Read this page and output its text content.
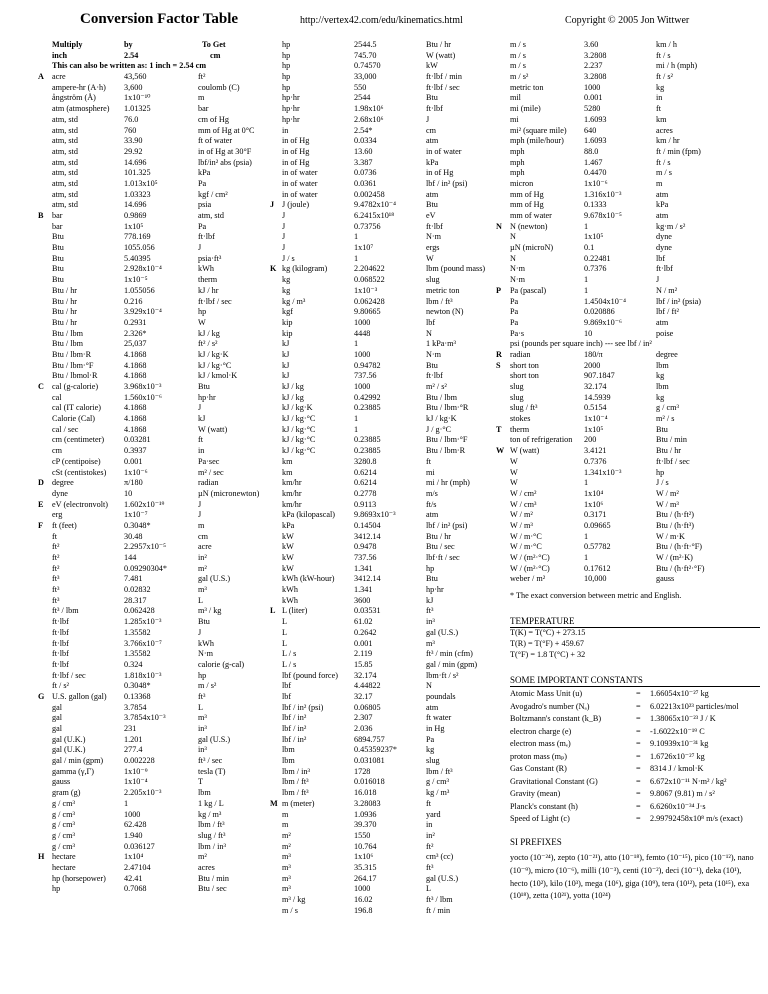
Conversion Factor Table	http://vertex42.com/edu/kinematics.html	Copyright © 2005 Jon Wittwer
Multiply	by	To Get
inch	2.54	cm
This can also be written as: 1 inch = 2.54 cm
A acre	43,560	ft²
ampere-hr (A·h) 3,600	coulomb (C)
ångström (Å)	1x10⁻¹⁰	m
atm (atmosphere) 1.01325	bar
atm, std	76.0	cm of Hg
atm, std	760	mm of Hg at 0°C
atm, std	33.90	ft of water
atm, std	29.92	in of Hg at 30°F
atm, std	14.696	lbf/in² abs (psia)
atm, std	101.325	kPa
atm, std	1.013x10⁵	Pa
atm, std	1.03323	kgf / cm²
atm, std	14.696	psia
B bar	0.9869	atm, std
bar	1x10⁵	Pa
Btu	778.169	ft·lbf
Btu	1055.056	J
Btu	5.40395	psia·ft³
Btu	2.928x10⁻⁴	kWh
Btu	1x10⁻⁵	therm
Btu / hr	1.055056	kJ / hr
Btu / hr	0.216	ft·lbf / sec
Btu / hr	3.929x10⁻⁴	hp
Btu / hr	0.2931	W
Btu / lbm	2.326*	kJ / kg
Btu / lbm	25,037	ft² / s²
Btu / lbm·R	4.1868	kJ / kg·K
Btu / lbm·°F	4.1868	kJ / kg·°C
Btu / lbmol·R	4.1868	kJ / kmol·K
C cal (g-calorie)	3.968x10⁻³	Btu
cal	1.560x10⁻⁶	hp·hr
cal (IT calorie)	4.1868	J
Calorie (Cal)	4.1868	kJ
cal / sec	4.1868	W (watt)
cm (centimeter) 0.03281	ft
cm	0.3937	in
cP (centipoise)	0.001	Pa·sec
cSt (centistokes) 1x10⁻⁶	m² / sec
D degree	π/180	radian
dyne	10	µN (micronewton)
E eV (electronvolt) 1.602x10⁻¹⁹	J
erg	1x10⁻⁷	J
F ft (feet)	0.3048*	m
ft	30.48	cm
ft²	2.2957x10⁻⁵	acre
ft²	144	in²
ft²	0.09290304*	m²
ft³	7.481	gal (U.S.)
ft³	0.02832	m³
ft³	28.317	L
ft³ / lbm	0.062428	m³ / kg
ft·lbf	1.285x10⁻³	Btu
ft·lbf	1.35582	J
ft·lbf	3.766x10⁻⁷	kWh
ft·lbf	1.35582	N·m
ft·lbf	0.324	calorie (g-cal)
ft·lbf / sec	1.818x10⁻³	hp
ft / s²	0.3048*	m / s²
G U.S. gallon (gal) 0.13368	ft³
gal	3.7854	L
gal	3.7854x10⁻³	m³
gal	231	in³
gal (U.K.)	1.201	gal (U.S.)
gal (U.K.)	277.4	in³
gal / min (gpm)	0.002228	ft³ / sec
gamma (γ,Γ)	1x10⁻⁹	tesla (T)
gauss	1x10⁻⁴	T
gram (g)	2.205x10⁻³	lbm
g / cm³	1	1 kg / L
g / cm³	1000	kg / m³
g / cm³	62.428	lbm / ft³
g / cm³	1.940	slug / ft³
g / cm³	0.036127	lbm / in³
H hectare	1x10⁴	m²
hectare	2.47104	acres
hp (horsepower) 42.41	Btu / min
hp	0.7068	Btu / sec
hp	2544.5	Btu / hr
hp	745.70	W (watt)
hp	0.74570	kW
hp	33,000	ft·lbf / min
hp	550	ft·lbf / sec
hp·hr	2544	Btu
hp·hr	1.98x10⁶	ft·lbf
hp·hr	2.68x10⁶	J
in	2.54*	cm
in of Hg	0.0334	atm
in of Hg	13.60	in of water
in of Hg	3.387	kPa
in of water	0.0736	in of Hg
in of water	0.0361	lbf / in² (psi)
in of water	0.002458	atm
J J (joule)	9.4782x10⁻⁴	Btu
J	6.2415x10¹⁸	eV
J	0.73756	ft·lbf
J	1	N·m
J	1x10⁷	ergs
J / s	1	W
K kg (kilogram)	2.204622	lbm (pound mass)
kg	0.068522	slug
kg	1x10⁻³	metric ton
kg / m³	0.062428	lbm / ft³
kgf	9.80665	newton (N)
kip	1000	lbf
kip	4448	N
kJ	1	1 kPa·m³
kJ	1000	N·m
kJ	0.94782	Btu
kJ	737.56	ft·lbf
kJ / kg	1000	m² / s²
kJ / kg	0.42992	Btu / lbm
kJ / kg·K	0.23885	Btu / lbm·°R
kJ / kg·°C	1	kJ / kg·K
kJ / kg·°C	1	J / g·°C
kJ / kg·°C	0.23885	Btu / lbm·°F
kJ / kg·°C	0.23885	Btu / lbm·R
km	3280.8	ft
km	0.6214	mi
km/hr	0.6214	mi / hr (mph)
km/hr	0.2778	m/s
km/hr	0.9113	ft/s
kPa (kilopascal) 9.8693x10⁻³	atm
kPa	0.14504	lbf / in² (psi)
kW	3412.14	Btu / hr
kW	0.9478	Btu / sec
kW	737.56	lbf·ft / sec
kW	1.341	hp
kWh (kW-hour) 3412.14	Btu
kWh	1.341	hp·hr
kWh	3600	kJ
L L (liter)	0.03531	ft³
L	61.02	in³
L	0.2642	gal (U.S.)
L	0.001	m³
L / s	2.119	ft³ / min (cfm)
L / s	15.85	gal / min (gpm)
lbf (pound force) 32.174	lbm·ft / s²
lbf	4.44822	N
lbf	32.17	poundals
lbf / in² (psi)	0.06805	atm
lbf / in²	2.307	ft water
lbf / in²	2.036	in Hg
lbf / in²	6894.757	Pa
lbm	0.45359237*	kg
lbm	0.031081	slug
lbm / in³	1728	lbm / ft³
lbm / ft³	0.016018	g / cm³
lbm / ft³	16.018	kg / m³
M m (meter)	3.28083	ft
m	1.0936	yard
m	39.370	in
m²	1550	in²
m²	10.764	ft²
m³	1x10⁶	cm³ (cc)
m³	35.315	ft³
m³	264.17	gal (U.S.)
m³	1000	L
m³ / kg	16.02	ft³ / lbm
m / s	196.8	ft / min
m / s	3.60	km / h
m / s	3.2808	ft / s
m / s	2.237	mi / h (mph)
m / s²	3.2808	ft / s²
metric ton	1000	kg
mil	0.001	in
mi (mile)	5280	ft
mi	1.6093	km
mi² (square mile) 640	acres
mph (mile/hour) 1.6093	km / hr
mph	88.0	ft / min (fpm)
mph	1.467	ft / s
mph	0.4470	m / s
micron	1x10⁻⁶	m
mm of Hg	1.316x10⁻³	atm
mm of Hg	0.1333	kPa
mm of water	9.678x10⁻⁵	atm
N N (newton)	1	kg·m / s²
N	1x10⁵	dyne
µN (microN)	0.1	dyne
N	0.22481	lbf
N·m	0.7376	ft·lbf
N·m	1	J
P Pa (pascal)	1	N / m²
Pa	1.4504x10⁻⁴	lbf / in² (psia)
Pa	0.020886	lbf / ft²
Pa	9.869x10⁻⁶	atm
Pa·s	10	poise
psi (pounds per square inch) --- see lbf / in²
R radian	180/π	degree
S short ton	2000	lbm
short ton	907.1847	kg
slug	32.174	lbm
slug	14.5939	kg
slug / ft³	0.5154	g / cm³
stokes	1x10⁻⁴	m² / s
T therm	1x10⁵	Btu
ton of refrigeration 200	Btu / min
W W (watt)	3.4121	Btu / hr
W	0.7376	ft·lbf / sec
W	1.341x10⁻³	hp
W	1	J / s
W / cm²	1x10⁴	W / m²
W / cm³	1x10⁶	W / m³
W / m²	0.3171	Btu / (h·ft²)
W / m³	0.09665	Btu / (h·ft³)
W / m·°C	1	W / m·K
W / m·°C	0.57782	Btu / (h·ft·°F)
W / (m²·°C)	1	W / (m²·K)
W / (m²·°C)	0.17612	Btu / (h·ft²·°F)
weber / m²	10,000	gauss
* The exact conversion between metric and English.
TEMPERATURE
T(K) = T(°C) + 273.15
T(R) = T(°F) + 459.67
T(°F) = 1.8 T(°C) + 32
SOME IMPORTANT CONSTANTS
Atomic Mass Unit (u)	= 1.66054x10⁻²⁷ kg
Avogadro's number (Nₐ)	= 6.02213x10²³ particles/mol
Boltzmann's constant (k_B)	= 1.38065x10⁻²³ J / K
electron charge (e)	= -1.6022x10⁻¹⁹ C
electron mass (mₑ)	= 9.10939x10⁻³¹ kg
proton mass (mₚ)	= 1.6726x10⁻²⁷ kg
Gas Constant (R)	= 8314 J / kmol·K
Gravitational Constant (G)	= 6.672x10⁻¹¹ N·m² / kg²
Gravity (mean)	= 9.8067 (9.81) m / s²
Planck's constant (h)	= 6.6260x10⁻³⁴ J·s
Speed of Light (c)	= 2.99792458x10⁸ m/s (exact)
SI PREFIXES
yocto (10⁻²⁴), zepto (10⁻²¹), atto (10⁻¹⁸), femto (10⁻¹⁵), pico (10⁻¹²), nano (10⁻⁹), micro (10⁻⁶), milli (10⁻³), centi (10⁻²), deci (10⁻¹), deka (10¹), hecto (10²), kilo (10³), mega (10⁶), giga (10⁹), tera (10¹²), peta (10¹⁵), exa (10¹⁸), zetta (10²¹), yotta (10²⁴)
